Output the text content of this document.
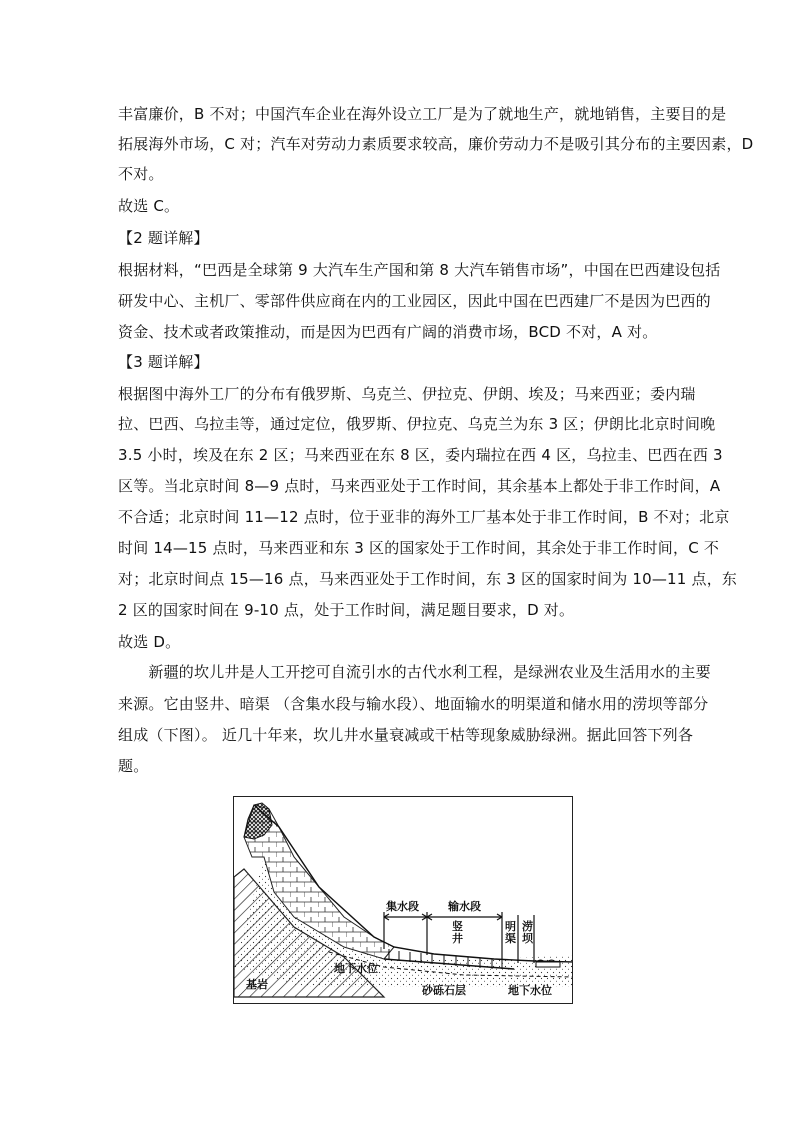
丰富廉价，B 不对；中国汽车企业在海外设立工厂是为了就地生产，就地销售，主要目的是
拓展海外市场，C 对；汽车对劳动力素质要求较高，廉价劳动力不是吸引其分布的主要因素，D
不对。
故选 C。
【2 题详解】
根据材料，“巴西是全球第 9 大汽车生产国和第 8 大汽车销售市场”，中国在巴西建设包括
研发中心、主机厂、零部件供应商在内的工业园区，因此中国在巴西建厂不是因为巴西的
资金、技术或者政策推动，而是因为巴西有广阔的消费市场，BCD 不对，A 对。
【3 题详解】
根据图中海外工厂的分布有俄罗斯、乌克兰、伊拉克、伊朗、埃及；马来西亚；委内瑞
拉、巴西、乌拉圭等，通过定位，俄罗斯、伊拉克、乌克兰为东 3 区；伊朗比北京时间晚
3.5 小时，埃及在东 2 区；马来西亚在东 8 区，委内瑞拉在西 4 区，乌拉圭、巴西在西 3
区等。当北京时间 8—9 点时，马来西亚处于工作时间，其余基本上都处于非工作时间，A
不合适；北京时间 11—12 点时，位于亚非的海外工厂基本处于非工作时间，B 不对；北京
时间 14—15 点时，马来西亚和东 3 区的国家处于工作时间，其余处于非工作时间，C 不
对；北京时间点 15—16 点，马来西亚处于工作时间，东 3 区的国家时间为 10—11 点，东
2 区的国家时间在 9-10 点，处于工作时间，满足题目要求，D 对。
故选 D。
　　新疆的坎儿井是人工开挖可自流引水的古代水利工程，是绿洲农业及生活用水的主要
来源。它由竖井、暗渠 （含集水段与输水段）、地面输水的明渠道和储水用的涝坝等部分
组成（下图）。 近几十年来，坎儿井水量衰减或干枯等现象威胁绿洲。据此回答下列各
题。
集水段	输水段
竖井
明渠
涝坝
地下水位
基岩	砂砾石层	地下水位
